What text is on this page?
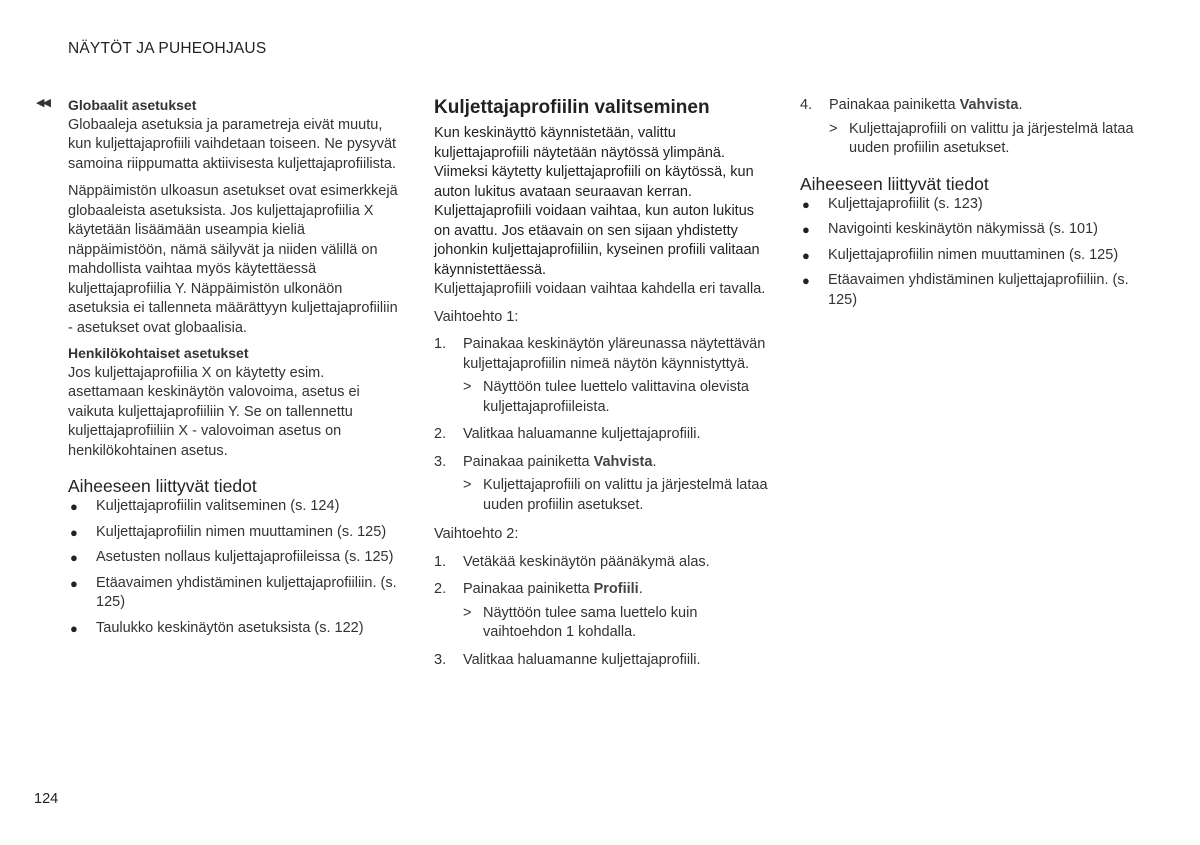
NÄYTÖT JA PUHEOHJAUS
◀◀ Globaalit asetukset

Globaaleja asetuksia ja parametreja eivät muutu, kun kuljettajaprofiili vaihdetaan toiseen. Ne pysyvät samoina riippumatta aktiivisesta kuljettajaprofiilista.

Näppäimistön ulkoasun asetukset ovat esimerkkejä globaaleista asetuksista. Jos kuljettajaprofiilia X käytetään lisäämään useampia kieliä näppäimistöön, nämä säilyvät ja niiden välillä on mahdollista vaihtaa myös käytettäessä kuljettajaprofiilia Y. Näppäimistön ulkonäön asetuksia ei tallenneta määrättyyn kuljettajaprofiiliin - asetukset ovat globaalisia.

Henkilökohtaiset asetukset

Jos kuljettajaprofiilia X on käytetty esim. asettamaan keskinäytön valovoima, asetus ei vaikuta kuljettajaprofiiliin Y. Se on tallennettu kuljettajaprofiiliin X - valovoiman asetus on henkilökohtainen asetus.

Aiheeseen liittyvät tiedot

● Kuljettajaprofiilin valitseminen (s. 124)
● Kuljettajaprofiilin nimen muuttaminen (s. 125)
● Asetusten nollaus kuljettajaprofiileissa (s. 125)
● Etäavaimen yhdistäminen kuljettajaprofiiliin. (s. 125)
● Taulukko keskinäytön asetuksista (s. 122)

Kuljettajaprofiilin valitseminen

Kun keskinäyttö käynnistetään, valittu kuljettajaprofiili näytetään näytössä ylimpänä. Viimeksi käytetty kuljettajaprofiili on käytössä, kun auton lukitus avataan seuraavan kerran. Kuljettajaprofiili voidaan vaihtaa, kun auton lukitus on avattu. Jos etäavain on sen sijaan yhdistetty johonkin kuljettajaprofiiliin, kyseinen profiili valitaan käynnistettäessä.

Kuljettajaprofiili voidaan vaihtaa kahdella eri tavalla.

Vaihtoehto 1:

1. Painakaa keskinäytön yläreunassa näytettävän kuljettajaprofiilin nimeä näytön käynnistyttyä.
> Näyttöön tulee luettelo valittavina olevista kuljettajaprofiileista.
2. Valitkaa haluamanne kuljettajaprofiili.
3. Painakaa painiketta Vahvista.
> Kuljettajaprofiili on valittu ja järjestelmä lataa uuden profiilin asetukset.

Vaihtoehto 2:

1. Vetäkää keskinäytön päänäkymä alas.
2. Painakaa painiketta Profiili.
> Näyttöön tulee sama luettelo kuin vaihtoehdon 1 kohdalla.
3. Valitkaa haluamanne kuljettajaprofiili.
4. Painakaa painiketta Vahvista.
> Kuljettajaprofiili on valittu ja järjestelmä lataa uuden profiilin asetukset.

Aiheeseen liittyvät tiedot

● Kuljettajaprofiilit (s. 123)
● Navigointi keskinäytön näkymissä (s. 101)
● Kuljettajaprofiilin nimen muuttaminen (s. 125)
● Etäavaimen yhdistäminen kuljettajaprofiiliin. (s. 125)
124
